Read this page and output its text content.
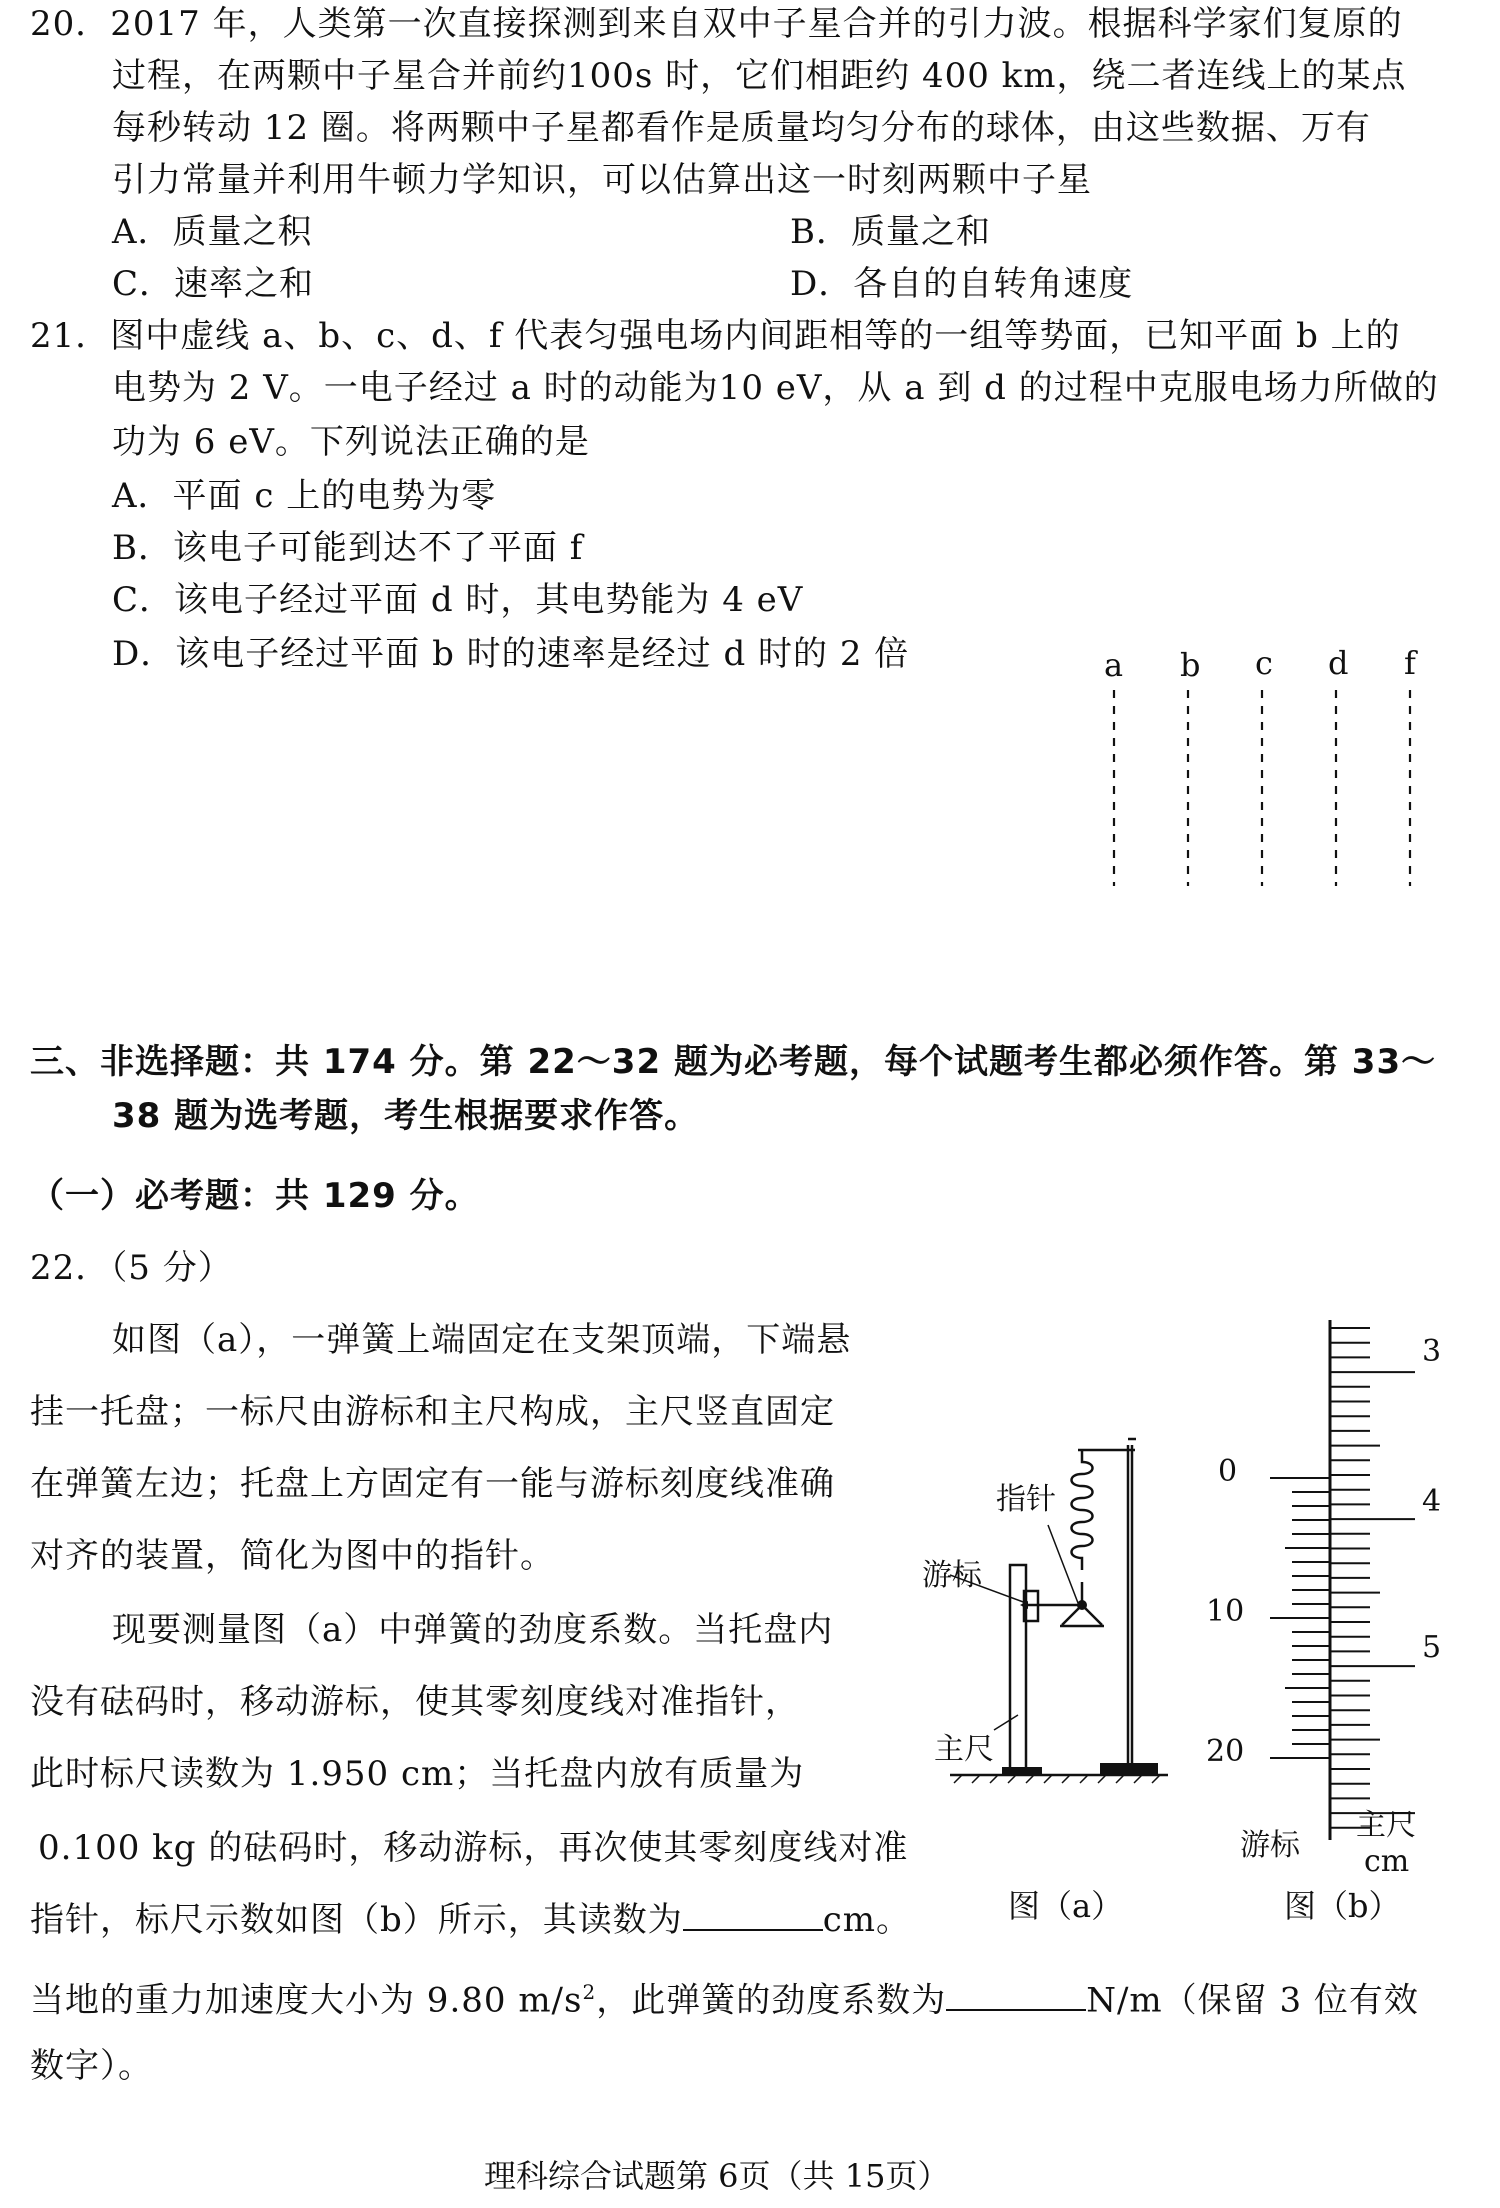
20．2017 年，人类第一次直接探测到来自双中子星合并的引力波。根据科学家们复原的
过程，在两颗中子星合并前约100s 时，它们相距约 400 km，绕二者连线上的某点
每秒转动 12 圈。将两颗中子星都看作是质量均匀分布的球体，由这些数据、万有
引力常量并利用牛顿力学知识，可以估算出这一时刻两颗中子星
A．质量之积	B．质量之和
C．速率之和	D．各自的自转角速度
21．图中虚线 a、b、c、d、f 代表匀强电场内间距相等的一组等势面，已知平面 b 上的
电势为 2 V。一电子经过 a 时的动能为10 eV，从 a 到 d 的过程中克服电场力所做的
功为 6 eV。下列说法正确的是
A．平面 c 上的电势为零
B．该电子可能到达不了平面 f
C．该电子经过平面 d 时，其电势能为 4 eV
D．该电子经过平面 b 时的速率是经过 d 时的 2 倍	a b c d f
三、非选择题：共 174 分。第 22～32 题为必考题，每个试题考生都必须作答。第 33～
38 题为选考题，考生根据要求作答。
（一）必考题：共 129 分。
22．（5 分）
如图（a），一弹簧上端固定在支架顶端，下端悬
挂一托盘；一标尺由游标和主尺构成，主尺竖直固定
在弹簧左边；托盘上方固定有一能与游标刻度线准确
对齐的装置，简化为图中的指针。
现要测量图（a）中弹簧的劲度系数。当托盘内
没有砝码时，移动游标，使其零刻度线对准指针，
此时标尺读数为 1.950 cm；当托盘内放有质量为
0.100 kg 的砝码时，移动游标，再次使其零刻度线对准
指针，标尺示数如图（b）所示，其读数为	cm。
当地的重力加速度大小为 9.80 $m/s^2$，此弹簧的劲度系数为	N/m（保留 3 位有效
数字）。
指针
游标
主尺
图（a）
3
4
5
0
10
20
游标
主尺
cm
图（b）
理科综合试题第 6页（共 15页）
